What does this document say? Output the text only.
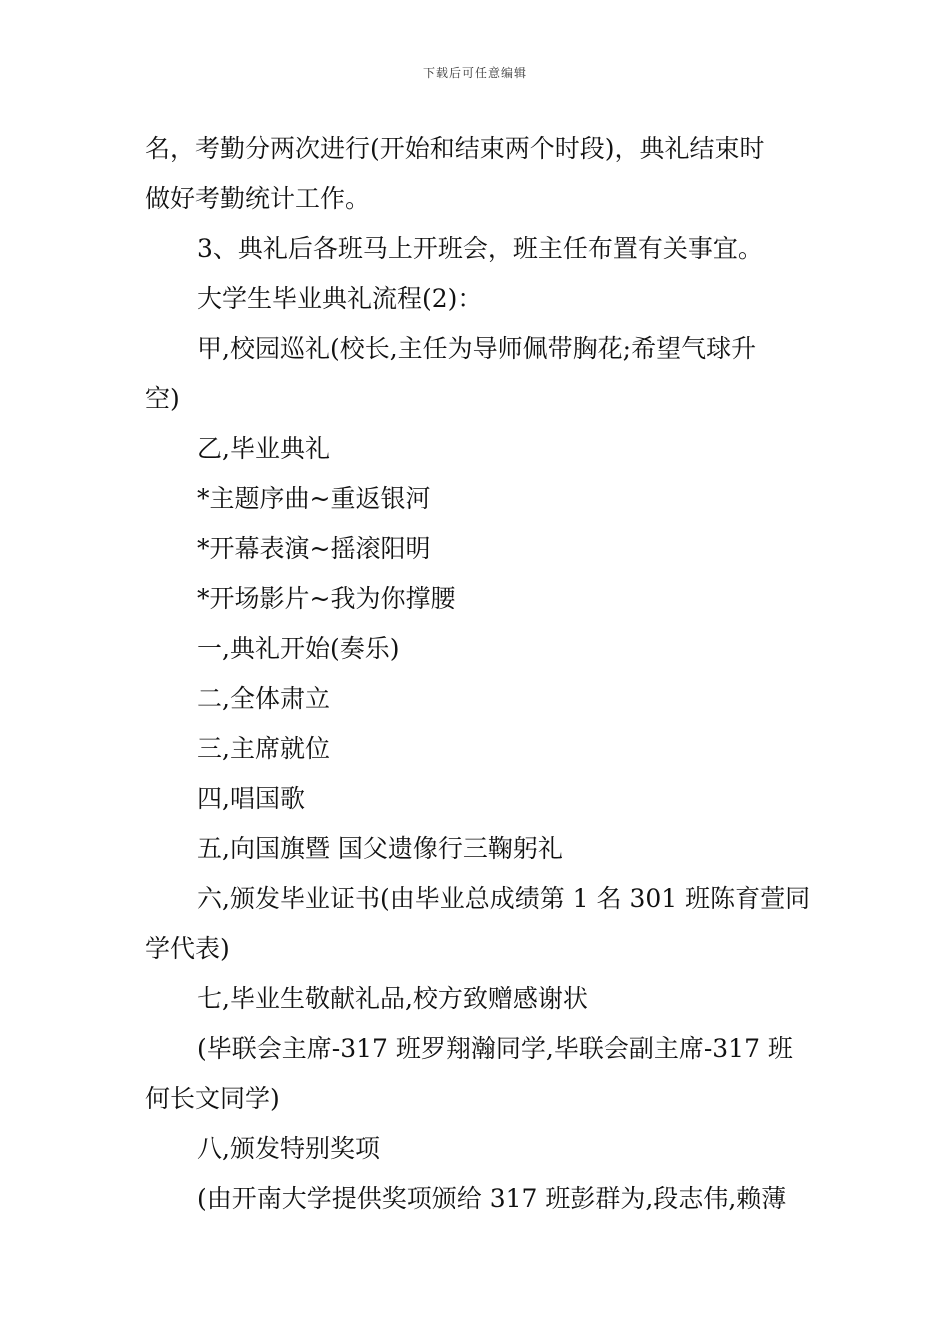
下载后可任意编辑
名，考勤分两次进行(开始和结束两个时段)，典礼结束时
做好考勤统计工作。
3、典礼后各班马上开班会，班主任布置有关事宜。
大学生毕业典礼流程(2)：
甲,校园巡礼(校长,主任为导师佩带胸花;希望气球升
空)
乙,毕业典礼
*主题序曲~重返银河
*开幕表演~摇滚阳明
*开场影片~我为你撑腰
一,典礼开始(奏乐)
二,全体肃立
三,主席就位
四,唱国歌
五,向国旗暨 国父遗像行三鞠躬礼
六,颁发毕业证书(由毕业总成绩第 1 名 301 班陈育萱同
学代表)
七,毕业生敬献礼品,校方致赠感谢状
(毕联会主席-317 班罗翔瀚同学,毕联会副主席-317 班
何长文同学)
八,颁发特别奖项
(由开南大学提供奖项颁给 317 班彭群为,段志伟,赖薄
